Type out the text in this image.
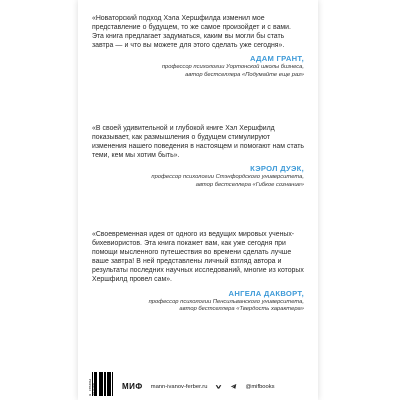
«Новаторский подход Хэла Хершфилда изменил мое представление о будущем, то же самое произойдет и с вами. Эта книга предлагает задуматься, каким вы могли бы стать завтра — и что вы можете для этого сделать уже сегодня».

АДАМ ГРАНТ,

профессор психологии Уортонской школы бизнеса,

автор бестселлера «Подумайте еще раз»

«В своей удивительной и глубокой книге Хэл Хершфилд показывает, как размышления о будущем стимулируют изменения нашего поведения в настоящем и помогают нам стать теми, кем мы хотим быть».

КЭРОЛ ДУЭК,

профессор психологии Стэнфордского университета,

автор бестселлера «Гибкое сознание»

«Своевременная идея от одного из ведущих мировых ученых-бихевиористов. Эта книга покажет вам, как уже сегодня при помощи мысленного путешествия во времени сделать лучше ваше завтра! В ней представлены личный взгляд автора и результаты последних научных исследований, многие из которых Хершфилд провел сам».

АНГЕЛА ДАКВОРТ,

профессор психологии Пенсильванского университета,

автор бестселлера «Твердость характера»

9 785002 142088	МИФ mann-ivanov-ferber.ru	@mifbooks
